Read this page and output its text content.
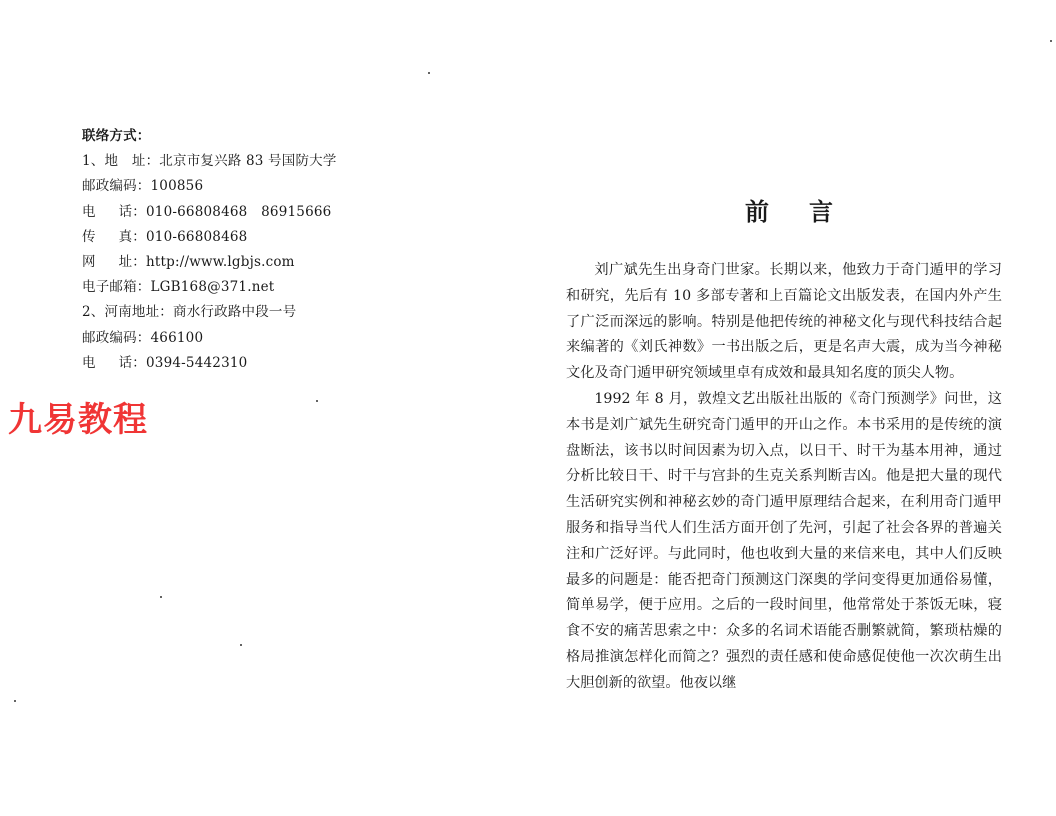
联络方式：
1、地　址：北京市复兴路 83 号国防大学
邮政编码：100856
电 话： 010-66808468　86915666
传 真： 010-66808468
网 址： http://www.lgbjs.com
电子邮箱：LGB168@371.net
2、河南地址：商水行政路中段一号
邮政编码：466100
电 话： 0394-5442310
九易教程
前言

刘广斌先生出身奇门世家。长期以来，他致力于奇门遁甲的学习和研究，先后有 10 多部专著和上百篇论文出版发表，在国内外产生了广泛而深远的影响。特别是他把传统的神秘文化与现代科技结合起来编著的《刘氏神数》一书出版之后，更是名声大震，成为当今神秘文化及奇门遁甲研究领域里卓有成效和最具知名度的顶尖人物。

1992 年 8 月，敦煌文艺出版社出版的《奇门预测学》问世，这本书是刘广斌先生研究奇门遁甲的开山之作。本书采用的是传统的演盘断法，该书以时间因素为切入点，以日干、时干为基本用神，通过分析比较日干、时干与宫卦的生克关系判断吉凶。他是把大量的现代生活研究实例和神秘玄妙的奇门遁甲原理结合起来，在利用奇门遁甲服务和指导当代人们生活方面开创了先河，引起了社会各界的普遍关注和广泛好评。与此同时，他也收到大量的来信来电，其中人们反映最多的问题是：能否把奇门预测这门深奥的学问变得更加通俗易懂，简单易学，便于应用。之后的一段时间里，他常常处于茶饭无味，寝食不安的痛苦思索之中：众多的名词术语能否删繁就简，繁琐枯燥的格局推演怎样化而简之？强烈的责任感和使命感促使他一次次萌生出大胆创新的欲望。他夜以继
